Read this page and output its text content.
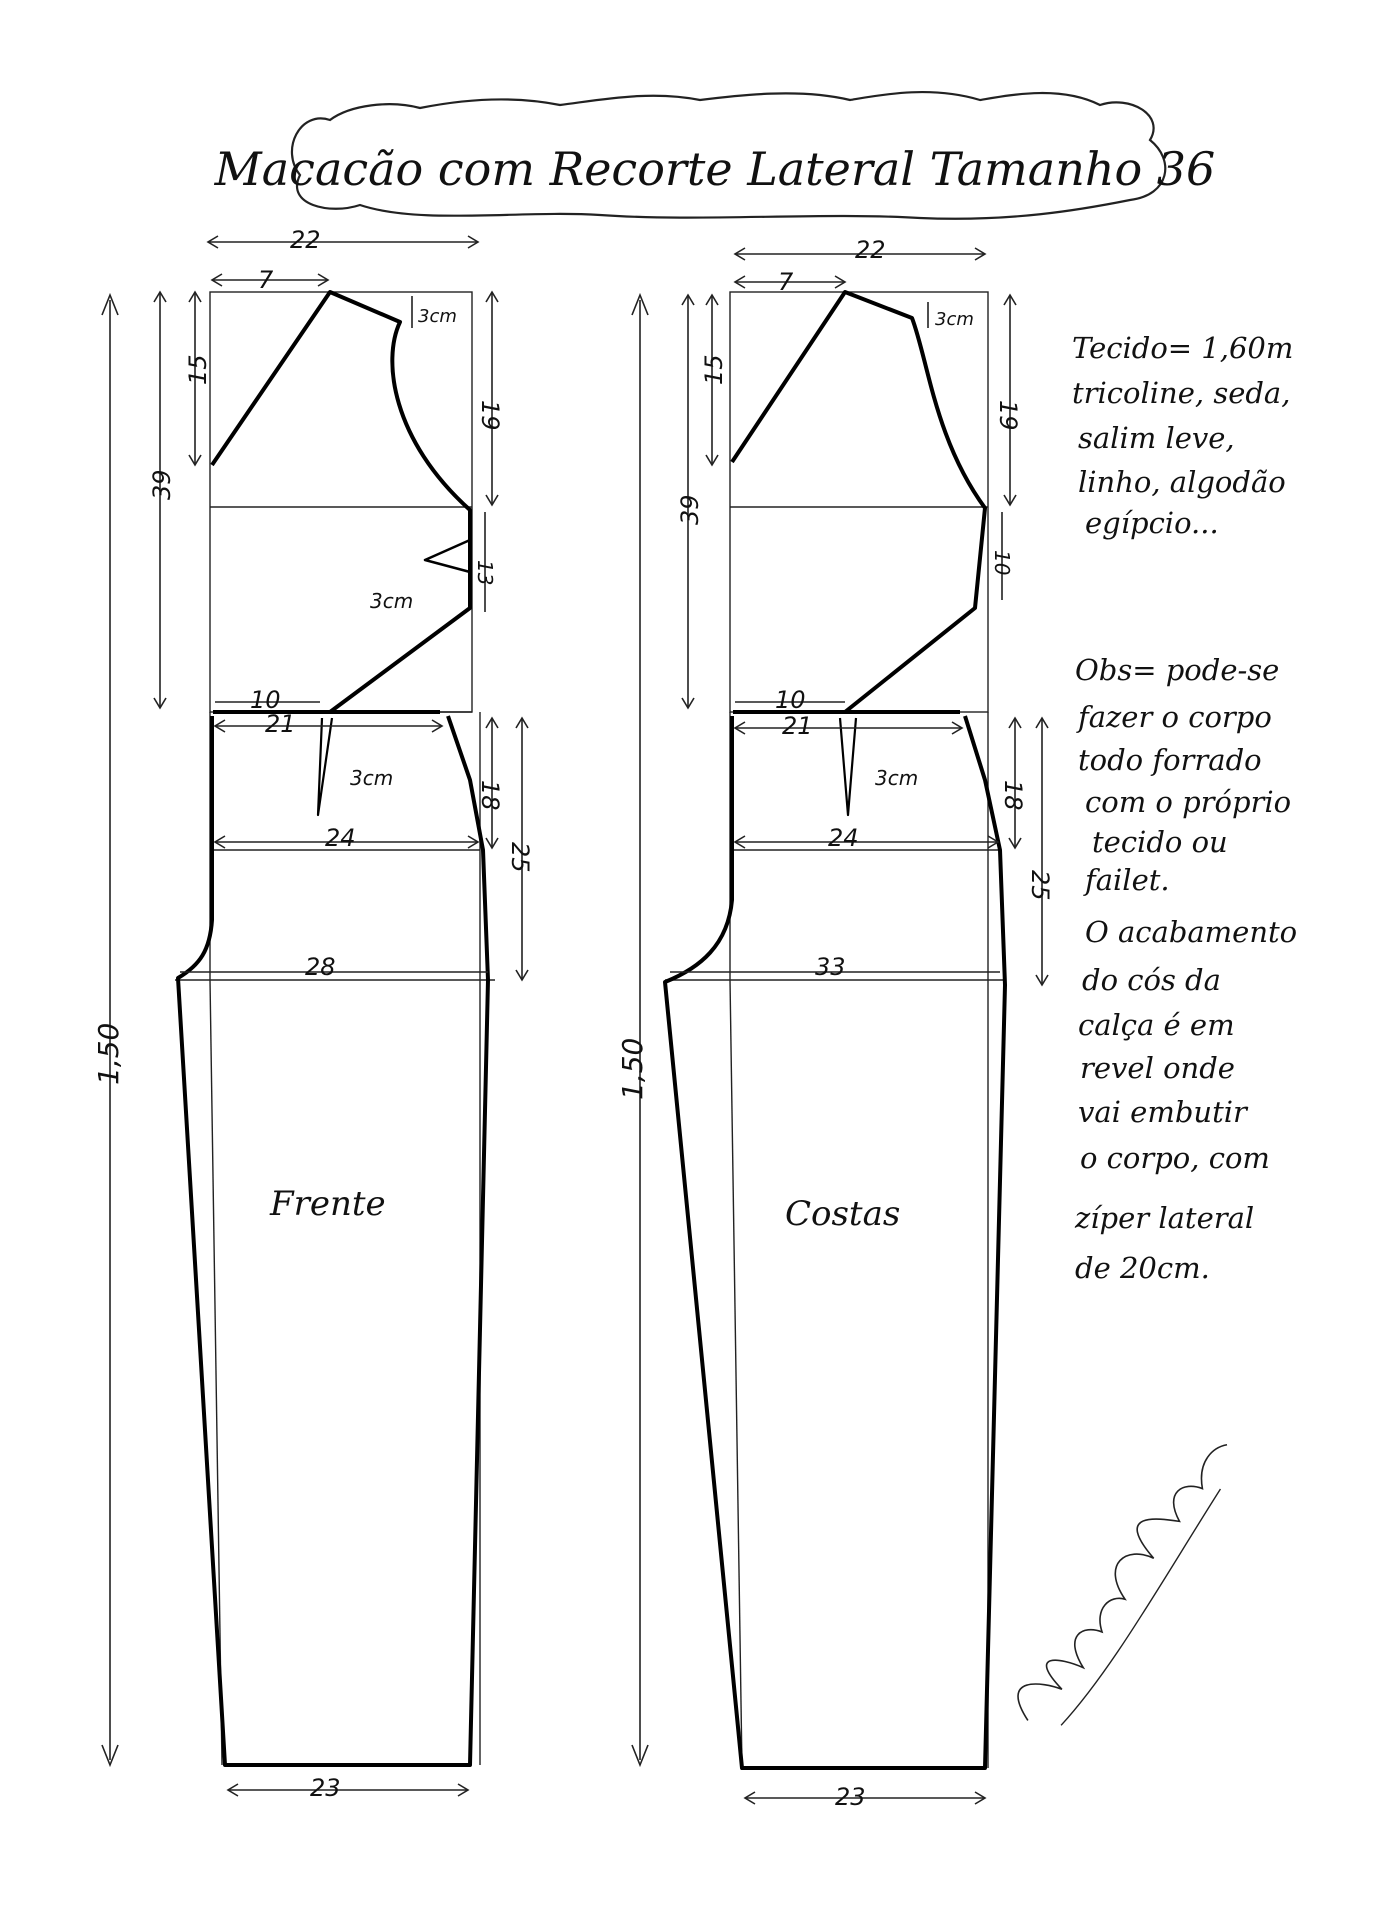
Macacão com Recorte Lateral Tamanho 36
22
7
3cm
15
39
1,50
19
13
3cm
18
25
10
21
3cm
24
28
23
Frente
22
7
3cm
15
39
1,50
19
10
18
25
10
21
3cm
24
33
23
Costas
Tecido= 1,60m
tricoline, seda,
salim leve,
linho, algodão
egípcio...
Obs= pode-se
fazer o corpo
todo forrado
com o próprio
tecido ou
failet.
O acabamento
do cós da
calça é em
revel onde
vai embutir
o corpo, com
zíper lateral
de 20cm.
